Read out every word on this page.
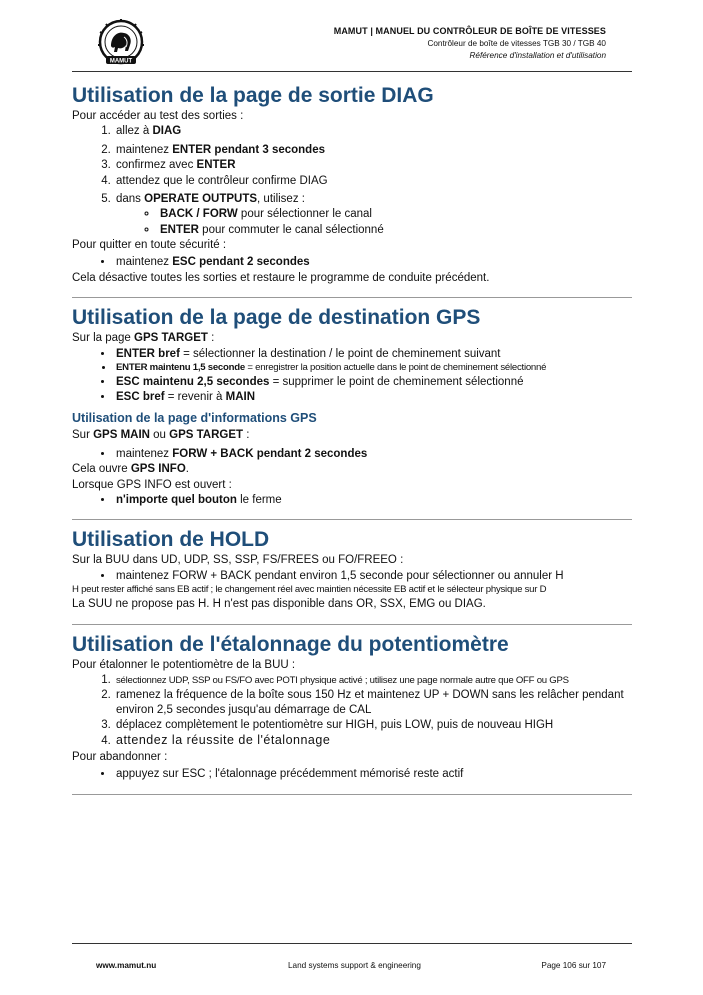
MAMUT
MAMUT | MANUEL DU CONTRÔLEUR DE BOÎTE DE VITESSES
Contrôleur de boîte de vitesses TGB 30 / TGB 40
Référence d'installation et d'utilisation
Utilisation de la page de sortie DIAG

Pour accéder au test des sorties :

1. allez à DIAG
2. maintenez ENTER pendant 3 secondes
3. confirmez avec ENTER
4. attendez que le contrôleur confirme DIAG
5. dans OPERATE OUTPUTS, utilisez :
◦ BACK / FORW pour sélectionner le canal
◦ ENTER pour commuter le canal sélectionné

Pour quitter en toute sécurité :

• maintenez ESC pendant 2 secondes

Cela désactive toutes les sorties et restaure le programme de conduite précédent.

Utilisation de la page de destination GPS

Sur la page GPS TARGET :

• ENTER bref = sélectionner la destination / le point de cheminement suivant
• ENTER maintenu 1,5 seconde = enregistrer la position actuelle dans le point de cheminement sélectionné
• ESC maintenu 2,5 secondes = supprimer le point de cheminement sélectionné
• ESC bref = revenir à MAIN
Utilisation de la page d'informations GPS

Sur GPS MAIN ou GPS TARGET :

• maintenez FORW + BACK pendant 2 secondes

Cela ouvre GPS INFO.

Lorsque GPS INFO est ouvert :

• n'importe quel bouton le ferme
Utilisation de HOLD

Sur la BUU dans UD, UDP, SS, SSP, FS/FREES ou FO/FREEO :

• maintenez FORW + BACK pendant environ 1,5 seconde pour sélectionner ou annuler H

H peut rester affiché sans EB actif ; le changement réel avec maintien nécessite EB actif et le sélecteur physique sur D

La SUU ne propose pas H. H n'est pas disponible dans OR, SSX, EMG ou DIAG.

Utilisation de l'étalonnage du potentiomètre

Pour étalonner le potentiomètre de la BUU :

1. sélectionnez UDP, SSP ou FS/FO avec POTI physique activé ; utilisez une page normale autre que OFF ou GPS
2. ramenez la fréquence de la boîte sous 150 Hz et maintenez UP + DOWN sans les relâcher pendant environ 2,5 secondes jusqu'au démarrage de CAL
3. déplacez complètement le potentiomètre sur HIGH, puis LOW, puis de nouveau HIGH
4. attendez la réussite de l'étalonnage

Pour abandonner :

• appuyez sur ESC ; l'étalonnage précédemment mémorisé reste actif
www.mamut.nu	Land systems support & engineering	Page 106 sur 107
